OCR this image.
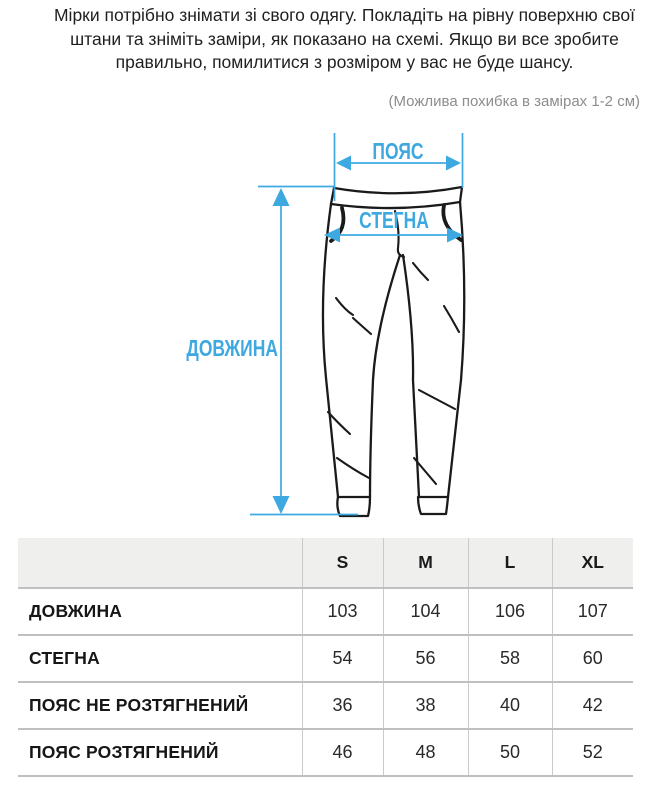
Мірки потрібно знімати зі свого одягу. Покладіть на рівну поверхню свої штани та зніміть заміри, як показано на схемі. Якщо ви все зробите правильно, помилитися з розміром у вас не буде шансу.

(Можлива похибка в замірах 1-2 см)

ПОЯС
СТЕГНА
ДОВЖИНА
	S	M	L	XL
ДОВЖИНА	103	104	106	107
СТЕГНА	54	56	58	60
ПОЯС НЕ РОЗТЯГНЕНИЙ	36	38	40	42
ПОЯС РОЗТЯГНЕНИЙ	46	48	50	52
